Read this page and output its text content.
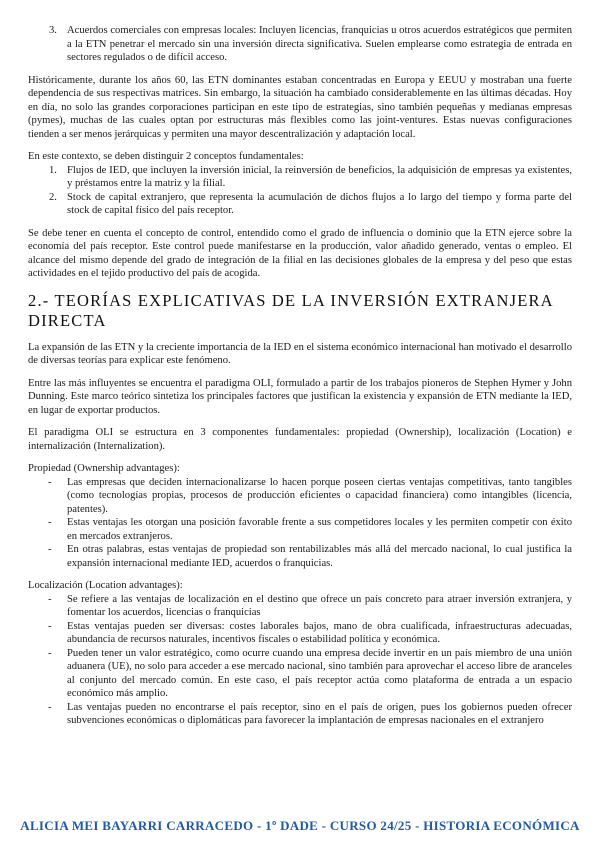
3. Acuerdos comerciales con empresas locales: Incluyen licencias, franquicias u otros acuerdos estratégicos que permiten a la ETN penetrar el mercado sin una inversión directa significativa. Suelen emplearse como estrategia de entrada en sectores regulados o de difícil acceso.

Históricamente, durante los años 60, las ETN dominantes estaban concentradas en Europa y EEUU y mostraban una fuerte dependencia de sus respectivas matrices. Sin embargo, la situación ha cambiado considerablemente en las últimas décadas. Hoy en día, no solo las grandes corporaciones participan en este tipo de estrategias, sino también pequeñas y medianas empresas (pymes), muchas de las cuales optan por estructuras más flexibles como las joint-ventures. Estas nuevas configuraciones tienden a ser menos jerárquicas y permiten una mayor descentralización y adaptación local.

En este contexto, se deben distinguir 2 conceptos fundamentales:

1. Flujos de IED, que incluyen la inversión inicial, la reinversión de beneficios, la adquisición de empresas ya existentes, y préstamos entre la matriz y la filial.
2. Stock de capital extranjero, que representa la acumulación de dichos flujos a lo largo del tiempo y forma parte del stock de capital físico del país receptor.

Se debe tener en cuenta el concepto de control, entendido como el grado de influencia o dominio que la ETN ejerce sobre la economía del país receptor. Este control puede manifestarse en la producción, valor añadido generado, ventas o empleo. El alcance del mismo depende del grado de integración de la filial en las decisiones globales de la empresa y del peso que estas actividades en el tejido productivo del país de acogida.

2.- TEORÍAS EXPLICATIVAS DE LA INVERSIÓN EXTRANJERA DIRECTA

La expansión de las ETN y la creciente importancia de la IED en el sistema económico internacional han motivado el desarrollo de diversas teorías para explicar este fenómeno.

Entre las más influyentes se encuentra el paradigma OLI, formulado a partir de los trabajos pioneros de Stephen Hymer y John Dunning. Este marco teórico sintetiza los principales factores que justifican la existencia y expansión de ETN mediante la IED, en lugar de exportar productos.

El paradigma OLI se estructura en 3 componentes fundamentales: propiedad (Ownership), localización (Location) e internalización (Internalization).

Propiedad (Ownership advantages):

- Las empresas que deciden internacionalizarse lo hacen porque poseen ciertas ventajas competitivas, tanto tangibles (como tecnologías propias, procesos de producción eficientes o capacidad financiera) como intangibles (licencia, patentes).
- Estas ventajas les otorgan una posición favorable frente a sus competidores locales y les permiten competir con éxito en mercados extranjeros.
- En otras palabras, estas ventajas de propiedad son rentabilizables más allá del mercado nacional, lo cual justifica la expansión internacional mediante IED, acuerdos o franquicias.

Localización (Location advantages):

- Se refiere a las ventajas de localización en el destino que ofrece un país concreto para atraer inversión extranjera, y fomentar los acuerdos, licencias o franquicias
- Estas ventajas pueden ser diversas: costes laborales bajos, mano de obra cualificada, infraestructuras adecuadas, abundancia de recursos naturales, incentivos fiscales o estabilidad política y económica.
- Pueden tener un valor estratégico, como ocurre cuando una empresa decide invertir en un país miembro de una unión aduanera (UE), no solo para acceder a ese mercado nacional, sino también para aprovechar el acceso libre de aranceles al conjunto del mercado común. En este caso, el país receptor actúa como plataforma de entrada a un espacio económico más amplio.
- Las ventajas pueden no encontrarse el país receptor, sino en el país de origen, pues los gobiernos pueden ofrecer subvenciones económicas o diplomáticas para favorecer la implantación de empresas nacionales en el extranjero
ALICIA MEI BAYARRI CARRACEDO - 1º DADE - CURSO 24/25 - HISTORIA ECONÓMICA
